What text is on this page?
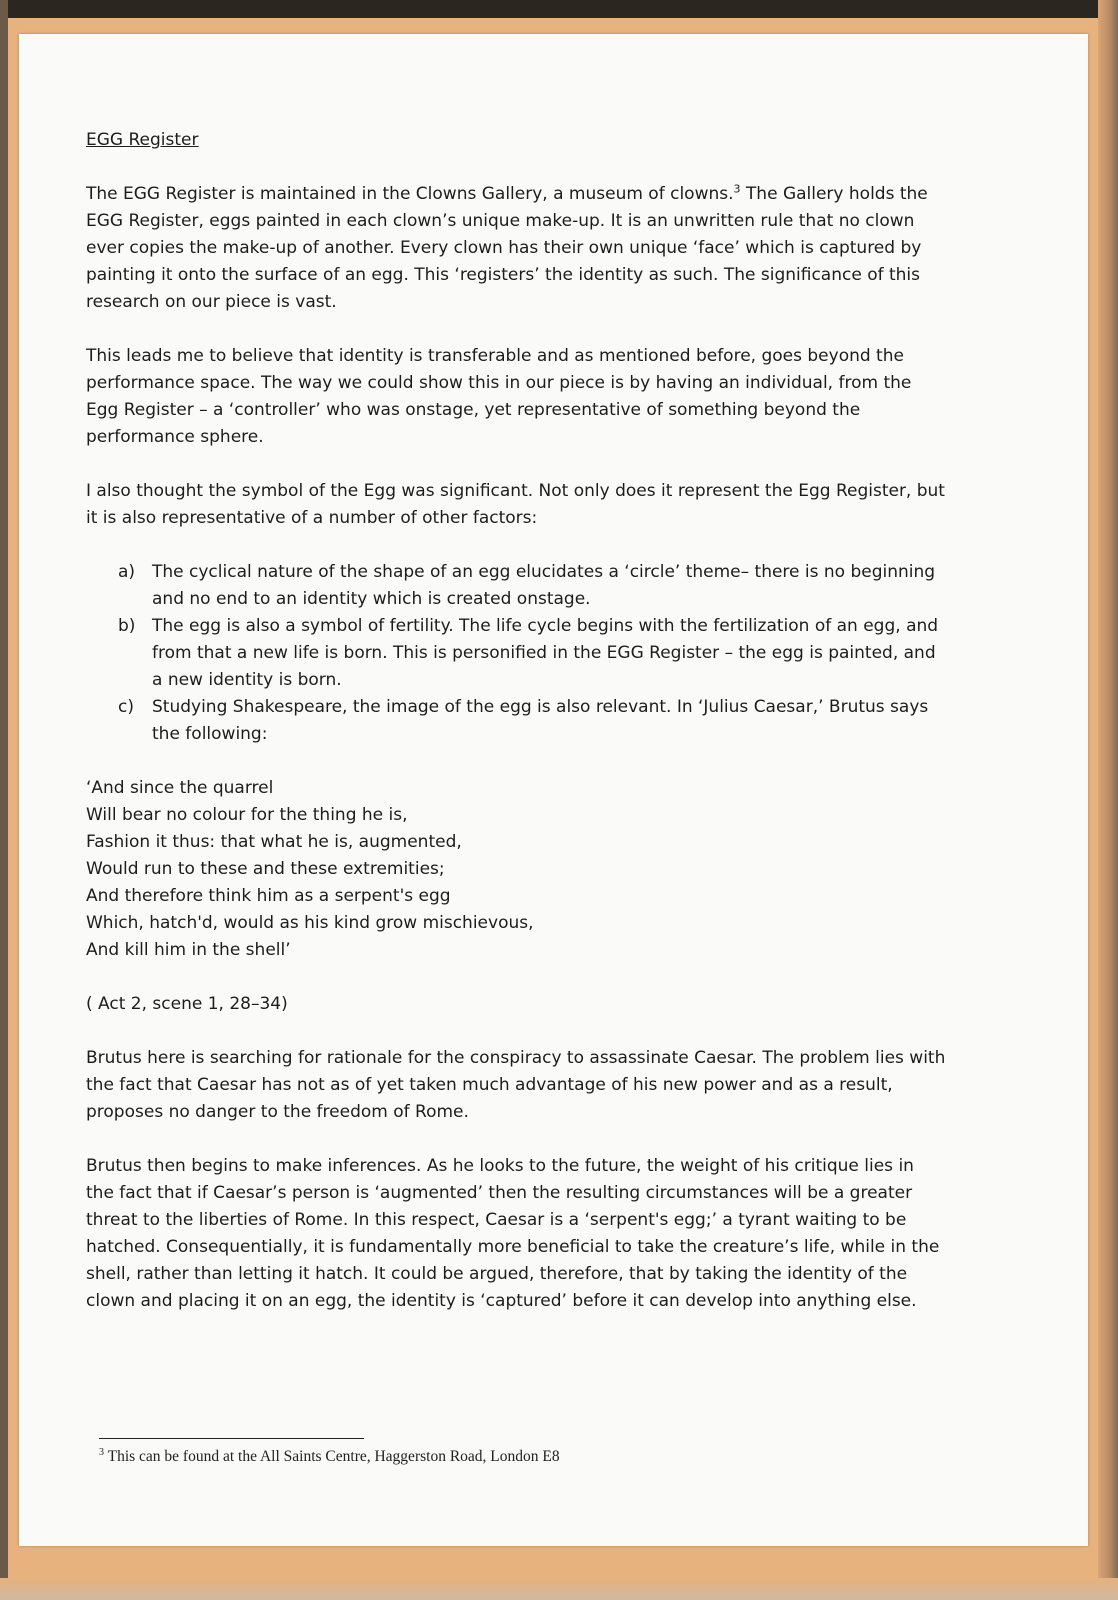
EGG Register

The EGG Register is maintained in the Clowns Gallery, a museum of clowns.$^3$ The Gallery holds the EGG Register, eggs painted in each clown’s unique make-up. It is an unwritten rule that no clown ever copies the make-up of another. Every clown has their own unique ‘face’ which is captured by painting it onto the surface of an egg. This ‘registers’ the identity as such. The significance of this research on our piece is vast.

This leads me to believe that identity is transferable and as mentioned before, goes beyond the performance space. The way we could show this in our piece is by having an individual, from the Egg Register – a ‘controller’ who was onstage, yet representative of something beyond the performance sphere.

I also thought the symbol of the Egg was significant. Not only does it represent the Egg Register, but it is also representative of a number of other factors:

a) The cyclical nature of the shape of an egg elucidates a ‘circle’ theme– there is no beginning and no end to an identity which is created onstage.
b) The egg is also a symbol of fertility. The life cycle begins with the fertilization of an egg, and from that a new life is born. This is personified in the EGG Register – the egg is painted, and a new identity is born.
c)	Studying Shakespeare, the image of the egg is also relevant. In ‘Julius Caesar,’ Brutus says the following:
‘And since the quarrel
Will bear no colour for the thing he is,
Fashion it thus: that what he is, augmented,
Would run to these and these extremities;
And therefore think him as a serpent's egg
Which, hatch'd, would as his kind grow mischievous,
And kill him in the shell’

( Act 2, scene 1, 28–34)

Brutus here is searching for rationale for the conspiracy to assassinate Caesar. The problem lies with the fact that Caesar has not as of yet taken much advantage of his new power and as a result, proposes no danger to the freedom of Rome.

Brutus then begins to make inferences. As he looks to the future, the weight of his critique lies in the fact that if Caesar’s person is ‘augmented’ then the resulting circumstances will be a greater threat to the liberties of Rome. In this respect, Caesar is a ‘serpent's egg;’ a tyrant waiting to be hatched. Consequentially, it is fundamentally more beneficial to take the creature’s life, while in the shell, rather than letting it hatch. It could be argued, therefore, that by taking the identity of the clown and placing it on an egg, the identity is ‘captured’ before it can develop into anything else.

$^3$ This can be found at the All Saints Centre, Haggerston Road, London E8
